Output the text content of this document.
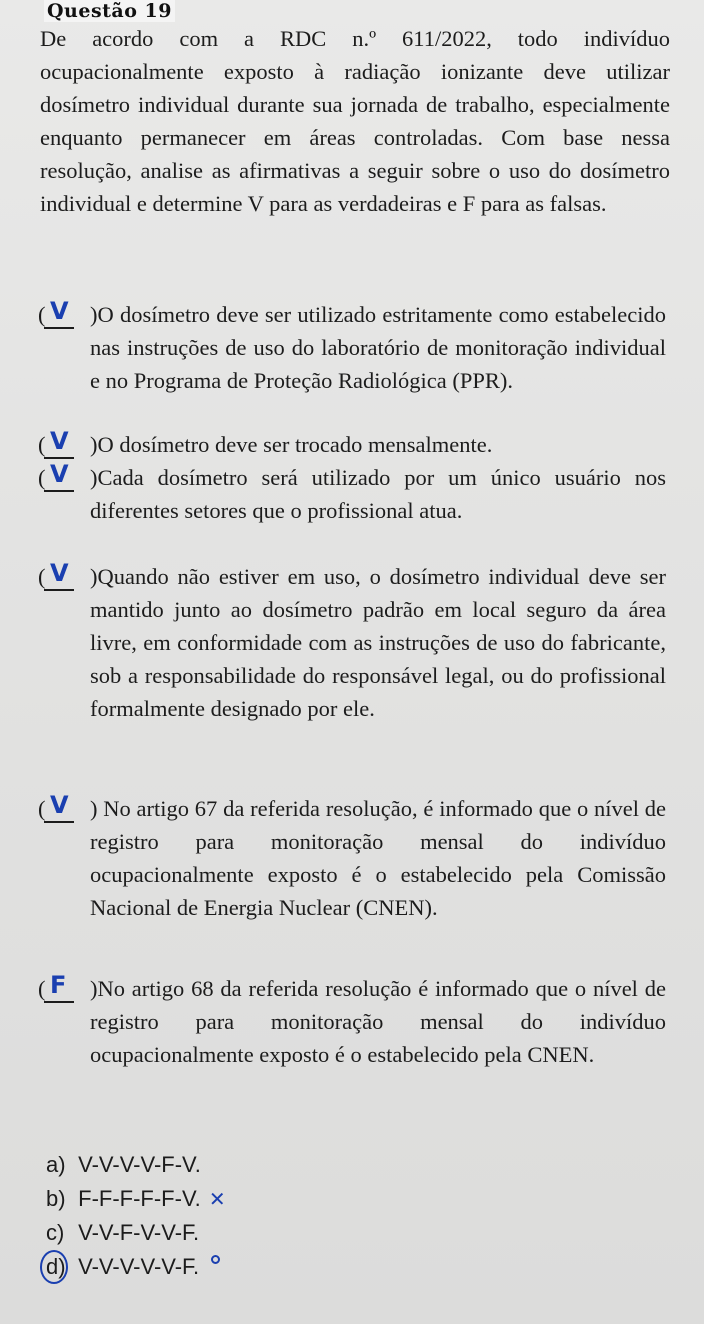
Questão 19
De acordo com a RDC n.º 611/2022, todo indivíduo ocupacionalmente exposto à radiação ionizante deve utilizar dosímetro individual durante sua jornada de trabalho, especialmente enquanto permanecer em áreas controladas. Com base nessa resolução, analise as afirmativas a seguir sobre o uso do dosímetro individual e determine V para as verdadeiras e F para as falsas.
( V )O dosímetro deve ser utilizado estritamente como estabelecido nas instruções de uso do laboratório de monitoração individual e no Programa de Proteção Radiológica (PPR).
( V )O dosímetro deve ser trocado mensalmente.
( V )Cada dosímetro será utilizado por um único usuário nos diferentes setores que o profissional atua.
( V )Quando não estiver em uso, o dosímetro individual deve ser mantido junto ao dosímetro padrão em local seguro da área livre, em conformidade com as instruções de uso do fabricante, sob a responsabilidade do responsável legal, ou do profissional formalmente designado por ele.
( V ) No artigo 67 da referida resolução, é informado que o nível de registro para monitoração mensal do indivíduo ocupacionalmente exposto é o estabelecido pela Comissão Nacional de Energia Nuclear (CNEN).
( F )No artigo 68 da referida resolução é informado que o nível de registro para monitoração mensal do indivíduo ocupacionalmente exposto é o estabelecido pela CNEN.
a) V-V-V-V-F-V.
b) F-F-F-F-F-V. ✕
c) V-V-F-V-V-F.
d) V-V-V-V-V-F.
